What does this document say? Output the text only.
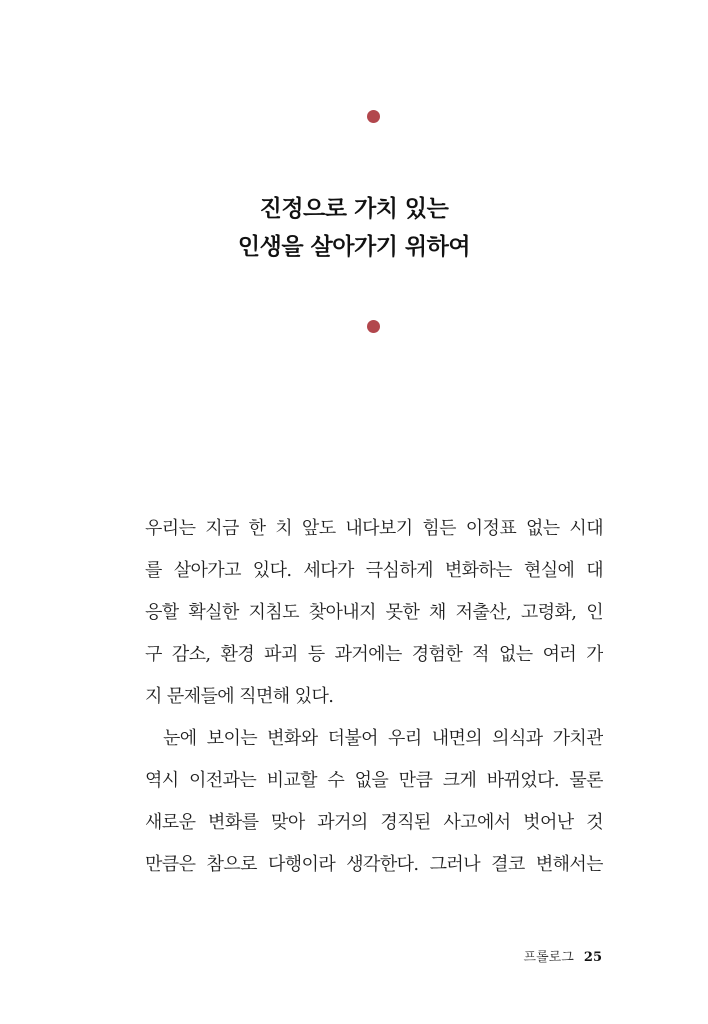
진정으로 가치 있는
인생을 살아가기 위하여
우리는 지금 한 치 앞도 내다보기 힘든 이정표 없는 시대
를 살아가고 있다. 세다가 극심하게 변화하는 현실에 대
응할 확실한 지침도 찾아내지 못한 채 저출산, 고령화, 인
구 감소, 환경 파괴 등 과거에는 경험한 적 없는 여러 가
지 문제들에 직면해 있다.
눈에 보이는 변화와 더불어 우리 내면의 의식과 가치관
역시 이전과는 비교할 수 없을 만큼 크게 바뀌었다. 물론
새로운 변화를 맞아 과거의 경직된 사고에서 벗어난 것
만큼은 참으로 다행이라 생각한다. 그러나 결코 변해서는
프롤로그 25
